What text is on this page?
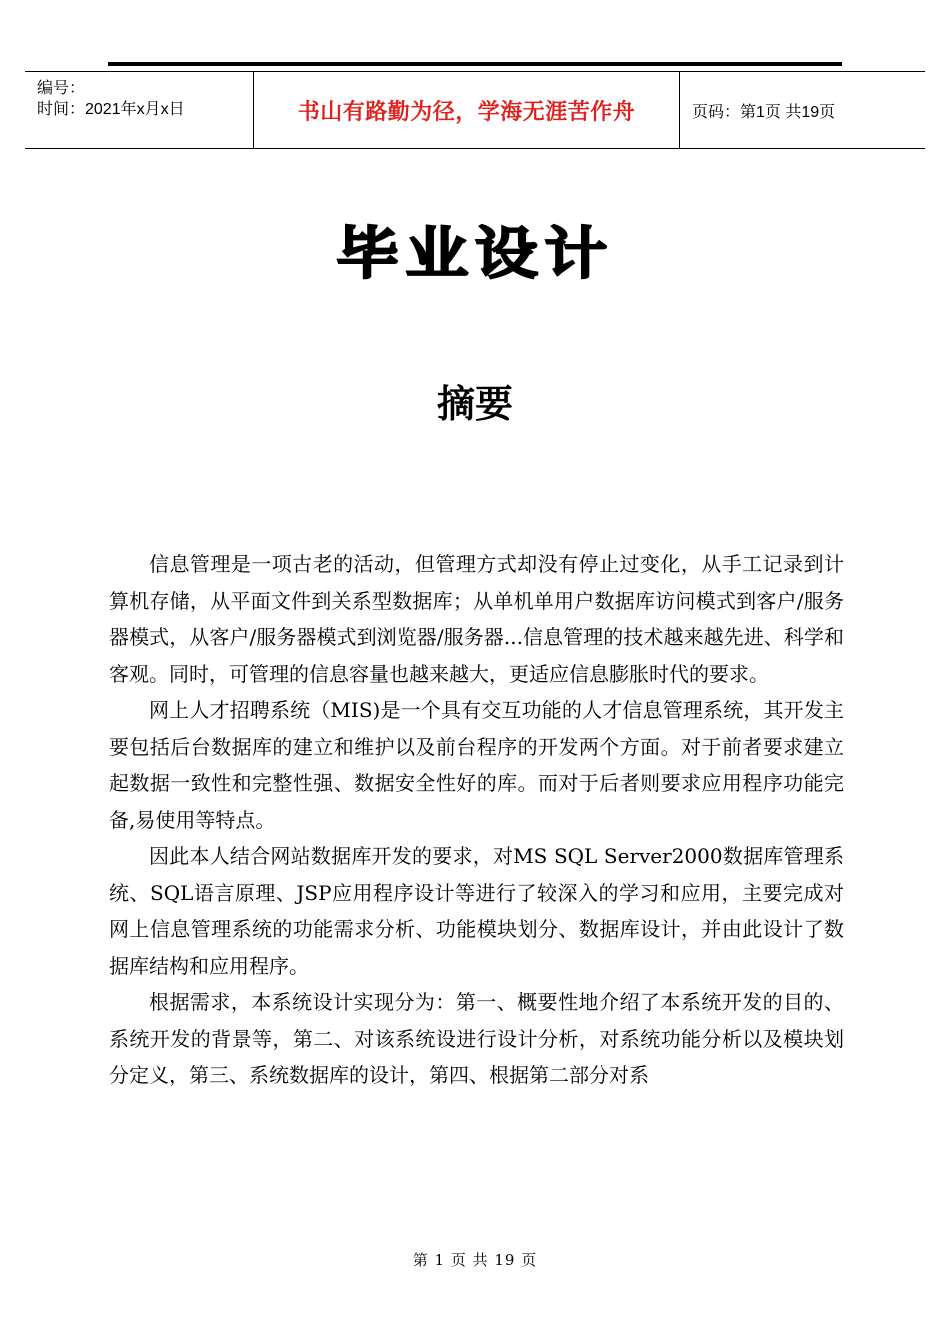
编号：
时间：2021年x月x日	书山有路勤为径，学海无涯苦作舟	页码：第1页 共19页
毕业设计
摘要

信息管理是一项古老的活动，但管理方式却没有停止过变化，从手工记录到计算机存储，从平面文件到关系型数据库；从单机单用户数据库访问模式到客户/服务器模式，从客户/服务器模式到浏览器/服务器...信息管理的技术越来越先进、科学和客观。同时，可管理的信息容量也越来越大，更适应信息膨胀时代的要求。

网上人才招聘系统（MIS)是一个具有交互功能的人才信息管理系统，其开发主要包括后台数据库的建立和维护以及前台程序的开发两个方面。对于前者要求建立起数据一致性和完整性强、数据安全性好的库。而对于后者则要求应用程序功能完备,易使用等特点。

因此本人结合网站数据库开发的要求，对MS SQL Server2000数据库管理系统、SQL语言原理、JSP应用程序设计等进行了较深入的学习和应用，主要完成对网上信息管理系统的功能需求分析、功能模块划分、数据库设计，并由此设计了数据库结构和应用程序。

根据需求，本系统设计实现分为：第一、概要性地介绍了本系统开发的目的、系统开发的背景等，第二、对该系统设进行设计分析，对系统功能分析以及模块划分定义，第三、系统数据库的设计，第四、根据第二部分对系

第 1 页 共 19 页
